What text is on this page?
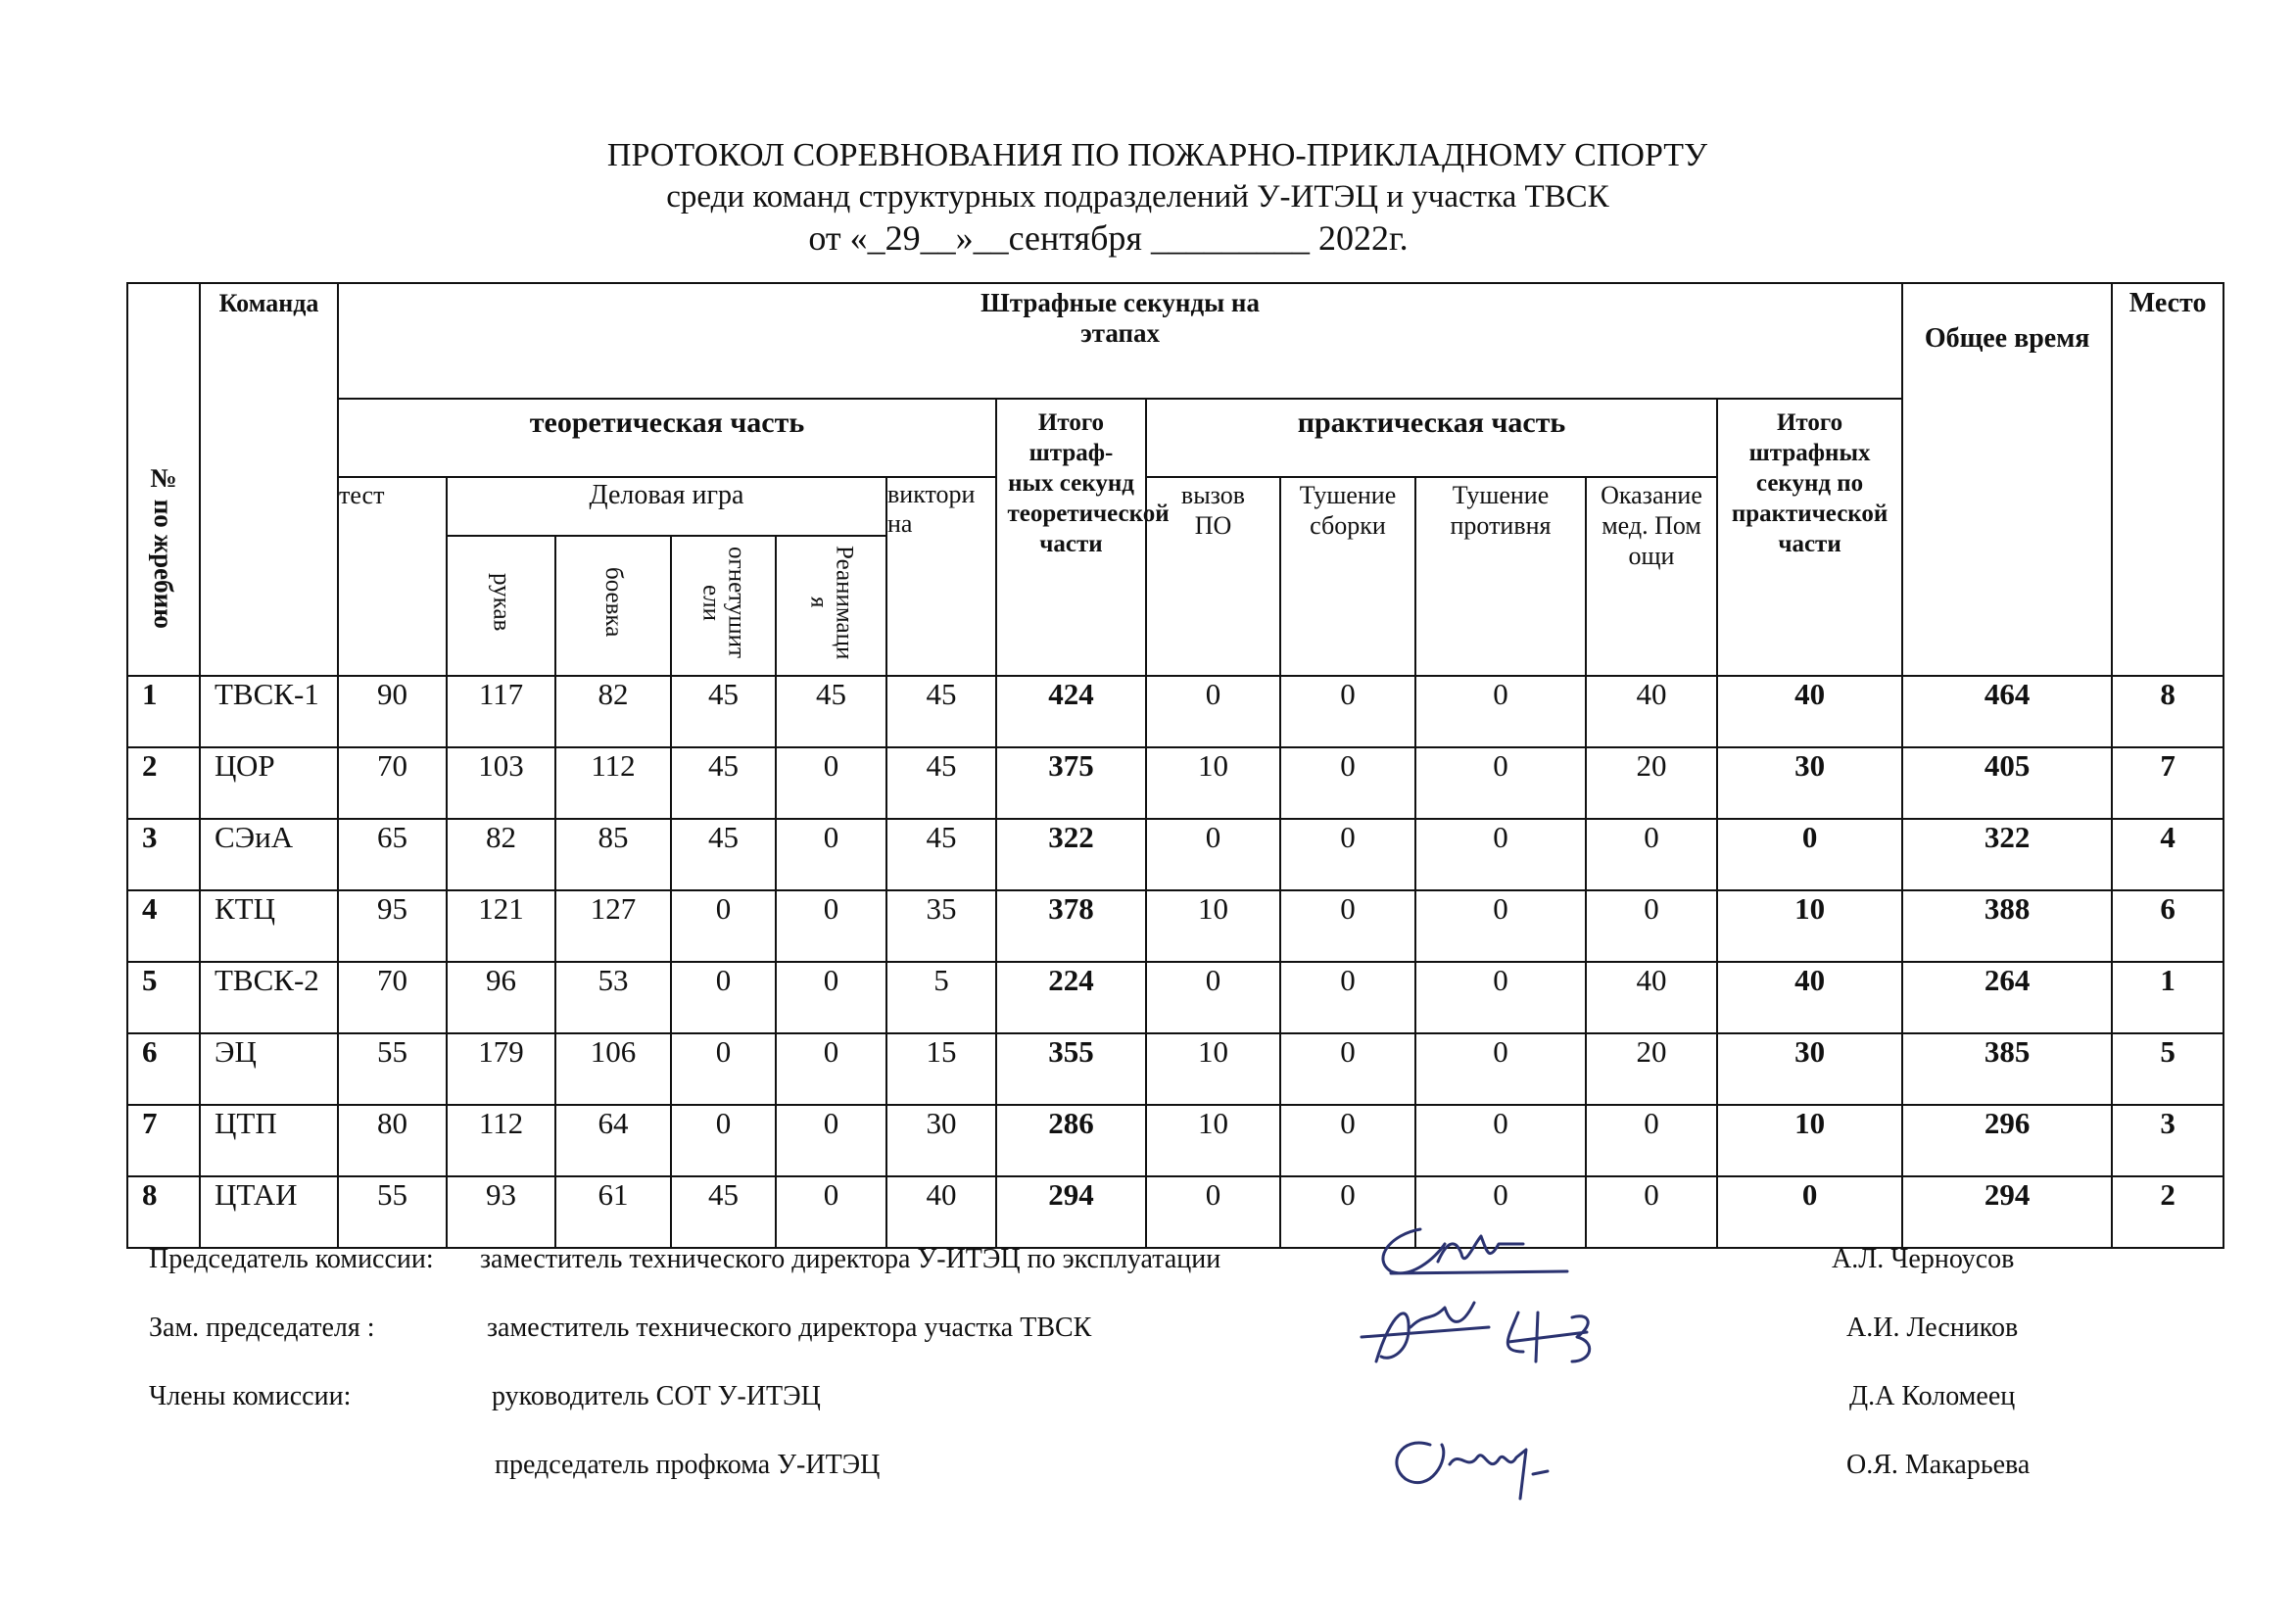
ПРОТОКОЛ СОРЕВНОВАНИЯ ПО ПОЖАРНО-ПРИКЛАДНОМУ СПОРТУ
среди команд структурных подразделений У-ИТЭЦ и участка ТВСК
от «_29__»__сентября _________ 2022г.
№ по жребию	Команда	Штрафные секунды на этапах												Общее время	Место
		теоретическая часть						Итого штраф-ных секунд теоретической части	практическая часть				Итого штрафных секунд по практической части		

		тест	Деловая игра				викторина		вызов ПО	Тушение сборки	Тушение противня	Оказание мед. Помощи			

			рукав	боевка	огнетушители	Реанимация									
1	ТВСК-1	90	117	82	45	45	45	424	0	0	0	40	40	464	8
2	ЦОР	70	103	112	45	0	45	375	10	0	0	20	30	405	7
3	СЭиА	65	82	85	45	0	45	322	0	0	0	0	0	322	4
4	КТЦ	95	121	127	0	0	35	378	10	0	0	0	10	388	6
5	ТВСК-2	70	96	53	0	0	5	224	0	0	0	40	40	264	1
6	ЭЦ	55	179	106	0	0	15	355	10	0	0	20	30	385	5
7	ЦТП	80	112	64	0	0	30	286	10	0	0	0	10	296	3
8	ЦТАИ	55	93	61	45	0	40	294	0	0	0	0	0	294	2
Председатель комиссии: заместитель технического директора У-ИТЭЦ по эксплуатации	А.Л. Черноусов
Зам. председателя :	заместитель технического директора участка ТВСК	А.И. Лесников
Члены комиссии:	руководитель СОТ У-ИТЭЦ	Д.А Коломеец
председатель профкома У-ИТЭЦ	О.Я. Макарьева
